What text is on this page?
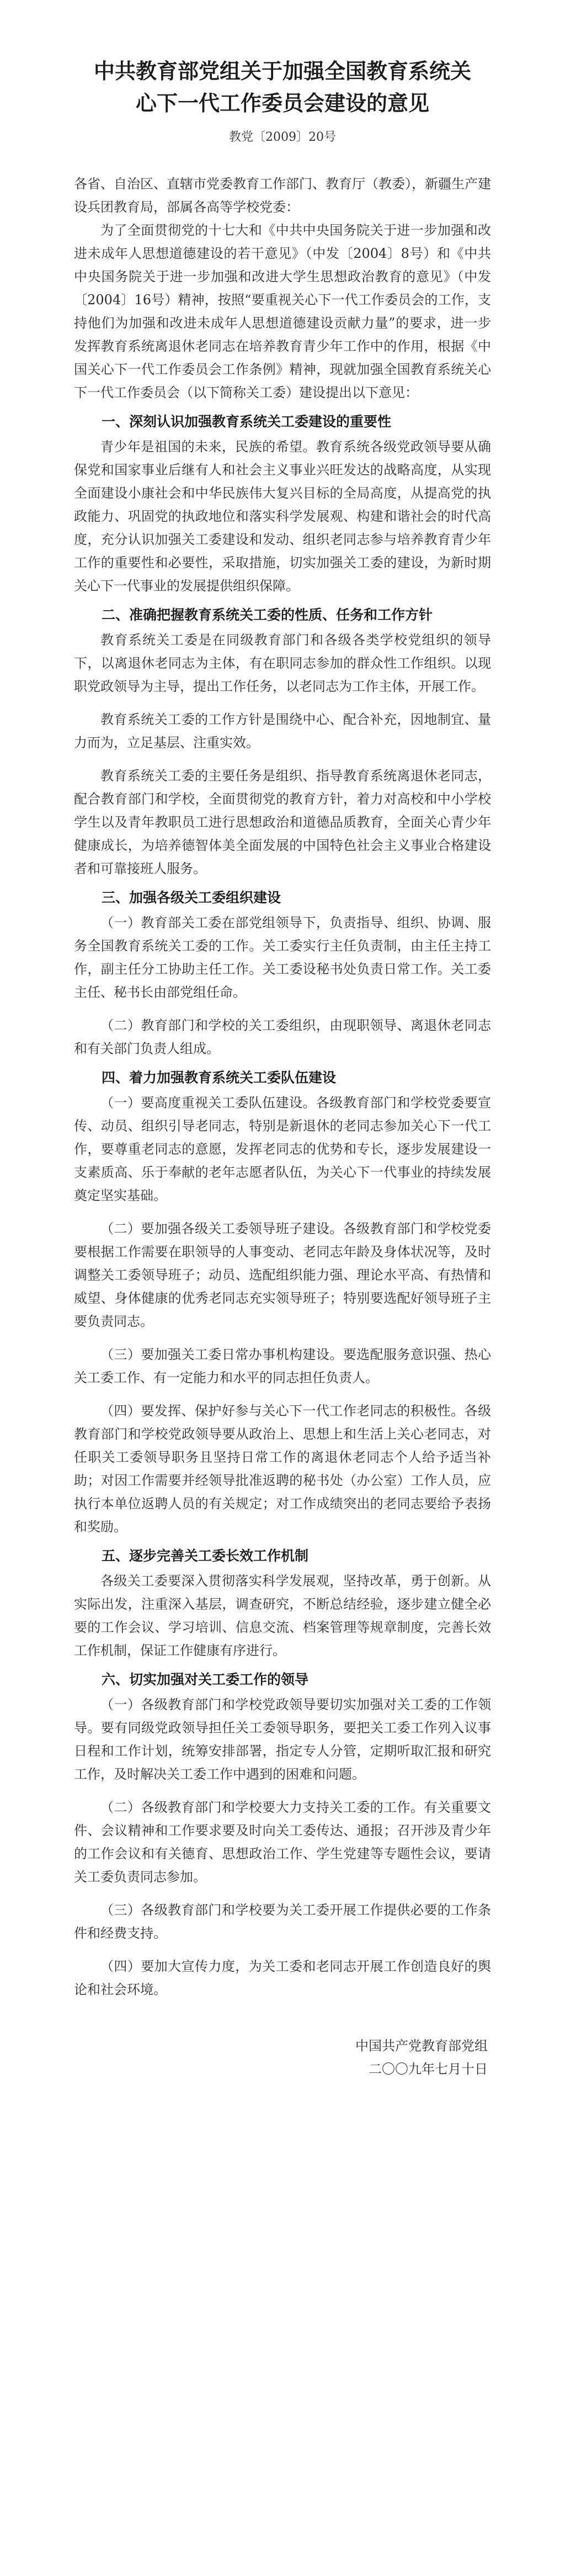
中共教育部党组关于加强全国教育系统关
心下一代工作委员会建设的意见
教党〔2009〕20号

各省、自治区、直辖市党委教育工作部门、教育厅（教委），新疆生产建设兵团教育局，部属各高等学校党委：

为了全面贯彻党的十七大和《中共中央国务院关于进一步加强和改进未成年人思想道德建设的若干意见》（中发〔2004〕8号）和《中共中央国务院关于进一步加强和改进大学生思想政治教育的意见》（中发〔2004〕16号）精神，按照“要重视关心下一代工作委员会的工作，支持他们为加强和改进未成年人思想道德建设贡献力量”的要求，进一步发挥教育系统离退休老同志在培养教育青少年工作中的作用，根据《中国关心下一代工作委员会工作条例》精神，现就加强全国教育系统关心下一代工作委员会（以下简称关工委）建设提出以下意见：

一、深刻认识加强教育系统关工委建设的重要性

青少年是祖国的未来，民族的希望。教育系统各级党政领导要从确保党和国家事业后继有人和社会主义事业兴旺发达的战略高度，从实现全面建设小康社会和中华民族伟大复兴目标的全局高度，从提高党的执政能力、巩固党的执政地位和落实科学发展观、构建和谐社会的时代高度，充分认识加强关工委建设和发动、组织老同志参与培养教育青少年工作的重要性和必要性，采取措施，切实加强关工委的建设，为新时期关心下一代事业的发展提供组织保障。

二、准确把握教育系统关工委的性质、任务和工作方针

教育系统关工委是在同级教育部门和各级各类学校党组织的领导下，以离退休老同志为主体，有在职同志参加的群众性工作组织。以现职党政领导为主导，提出工作任务，以老同志为工作主体，开展工作。

教育系统关工委的工作方针是围绕中心、配合补充，因地制宜、量力而为，立足基层、注重实效。

教育系统关工委的主要任务是组织、指导教育系统离退休老同志，配合教育部门和学校，全面贯彻党的教育方针，着力对高校和中小学校学生以及青年教职员工进行思想政治和道德品质教育，全面关心青少年健康成长，为培养德智体美全面发展的中国特色社会主义事业合格建设者和可靠接班人服务。

三、加强各级关工委组织建设

（一）教育部关工委在部党组领导下，负责指导、组织、协调、服务全国教育系统关工委的工作。关工委实行主任负责制，由主任主持工作，副主任分工协助主任工作。关工委设秘书处负责日常工作。关工委主任、秘书长由部党组任命。

（二）教育部门和学校的关工委组织，由现职领导、离退休老同志和有关部门负责人组成。

四、着力加强教育系统关工委队伍建设

（一）要高度重视关工委队伍建设。各级教育部门和学校党委要宣传、动员、组织引导老同志，特别是新退休的老同志参加关心下一代工作，要尊重老同志的意愿，发挥老同志的优势和专长，逐步发展建设一支素质高、乐于奉献的老年志愿者队伍，为关心下一代事业的持续发展奠定坚实基础。

（二）要加强各级关工委领导班子建设。各级教育部门和学校党委要根据工作需要在职领导的人事变动、老同志年龄及身体状况等，及时调整关工委领导班子；动员、选配组织能力强、理论水平高、有热情和威望、身体健康的优秀老同志充实领导班子；特别要选配好领导班子主要负责同志。

（三）要加强关工委日常办事机构建设。要选配服务意识强、热心关工委工作、有一定能力和水平的同志担任负责人。

（四）要发挥、保护好参与关心下一代工作老同志的积极性。各级教育部门和学校党政领导要从政治上、思想上和生活上关心老同志，对任职关工委领导职务且坚持日常工作的离退休老同志个人给予适当补助；对因工作需要并经领导批准返聘的秘书处（办公室）工作人员，应执行本单位返聘人员的有关规定；对工作成绩突出的老同志要给予表扬和奖励。

五、逐步完善关工委长效工作机制

各级关工委要深入贯彻落实科学发展观，坚持改革，勇于创新。从实际出发，注重深入基层，调查研究，不断总结经验，逐步建立健全必要的工作会议、学习培训、信息交流、档案管理等规章制度，完善长效工作机制，保证工作健康有序进行。

六、切实加强对关工委工作的领导

（一）各级教育部门和学校党政领导要切实加强对关工委的工作领导。要有同级党政领导担任关工委领导职务，要把关工委工作列入议事日程和工作计划，统筹安排部署，指定专人分管，定期听取汇报和研究工作，及时解决关工委工作中遇到的困难和问题。

（二）各级教育部门和学校要大力支持关工委的工作。有关重要文件、会议精神和工作要求要及时向关工委传达、通报；召开涉及青少年的工作会议和有关德育、思想政治工作、学生党建等专题性会议，要请关工委负责同志参加。

（三）各级教育部门和学校要为关工委开展工作提供必要的工作条件和经费支持。

（四）要加大宣传力度，为关工委和老同志开展工作创造良好的舆论和社会环境。

中国共产党教育部党组
二〇〇九年七月十日
